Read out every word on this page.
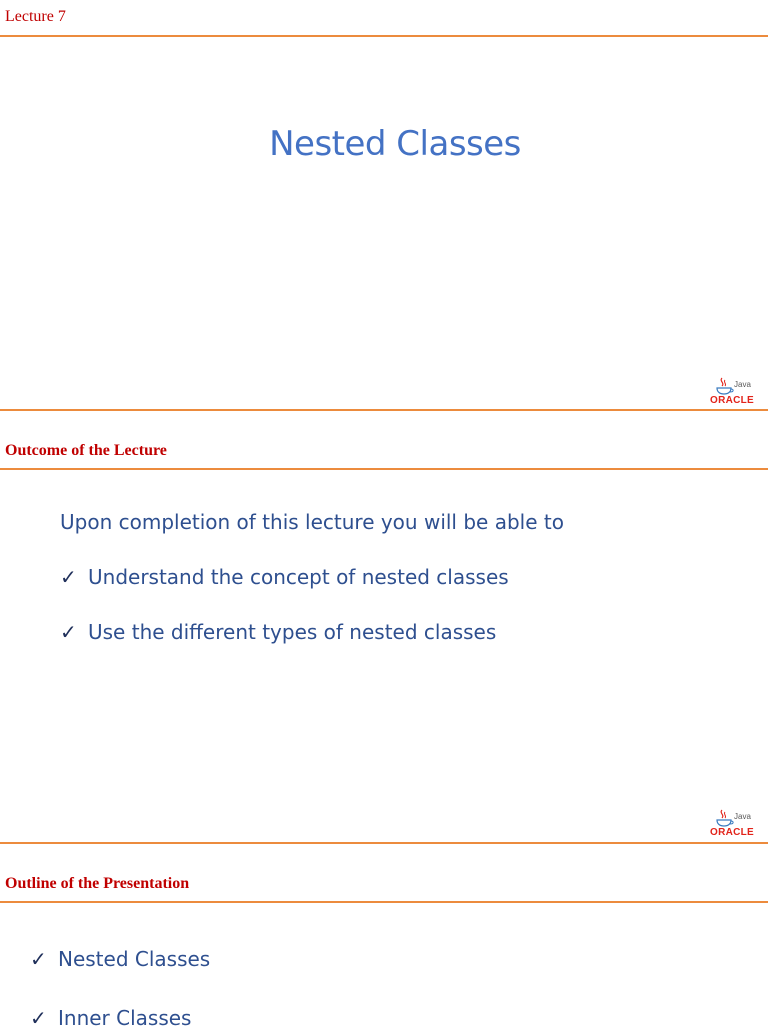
Lecture 7
Nested Classes
Java
ORACLE
Outcome of the Lecture
Upon completion of this lecture you will be able to
✓ Understand the concept of nested classes
✓ Use the different types of nested classes
Java
ORACLE
Outline of the Presentation
✓ Nested Classes
✓ Inner Classes
